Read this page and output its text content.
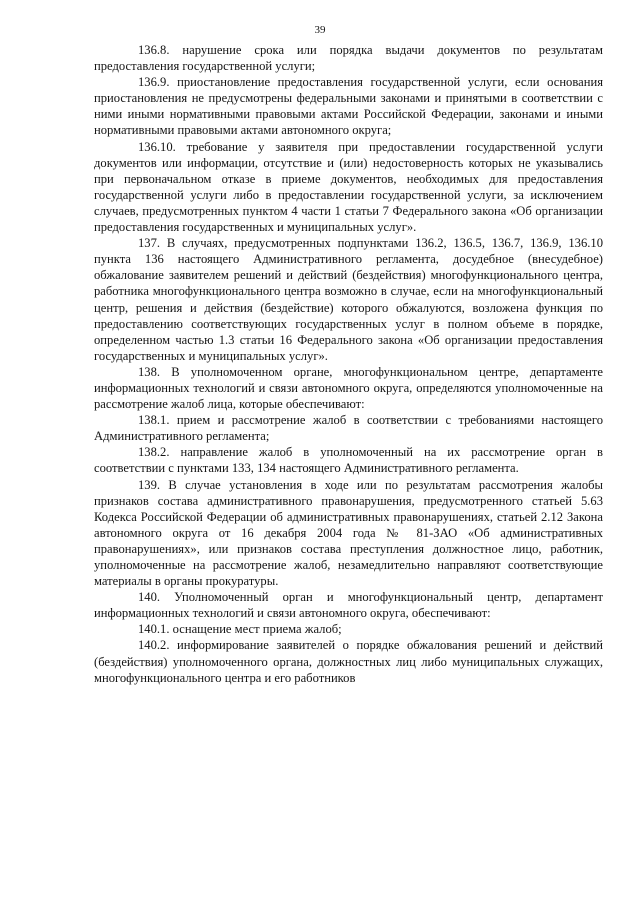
39

136.8. нарушение срока или порядка выдачи документов по результатам предоставления государственной услуги;

136.9. приостановление предоставления государственной услуги, если основания приостановления не предусмотрены федеральными законами и принятыми в соответствии с ними иными нормативными правовыми актами Российской Федерации, законами и иными нормативными правовыми актами автономного округа;

136.10. требование у заявителя при предоставлении государственной услуги документов или информации, отсутствие и (или) недостоверность которых не указывались при первоначальном отказе в приеме документов, необходимых для предоставления государственной услуги либо в предоставлении государственной услуги, за исключением случаев, предусмотренных пунктом 4 части 1 статьи 7 Федерального закона «Об организации предоставления государственных и муниципальных услуг».

137. В случаях, предусмотренных подпунктами 136.2, 136.5, 136.7, 136.9, 136.10 пункта 136 настоящего Административного регламента, досудебное (внесудебное) обжалование заявителем решений и действий (бездействия) многофункционального центра, работника многофункционального центра возможно в случае, если на многофункциональный центр, решения и действия (бездействие) которого обжалуются, возложена функция по предоставлению соответствующих государственных услуг в полном объеме в порядке, определенном частью 1.3 статьи 16 Федерального закона «Об организации предоставления государственных и муниципальных услуг».

138. В уполномоченном органе, многофункциональном центре, департаменте информационных технологий и связи автономного округа, определяются уполномоченные на рассмотрение жалоб лица, которые обеспечивают:

138.1. прием и рассмотрение жалоб в соответствии с требованиями настоящего Административного регламента;

138.2. направление жалоб в уполномоченный на их рассмотрение орган в соответствии с пунктами 133, 134 настоящего Административного регламента.

139. В случае установления в ходе или по результатам рассмотрения жалобы признаков состава административного правонарушения, предусмотренного статьей 5.63 Кодекса Российской Федерации об административных правонарушениях, статьей 2.12 Закона автономного округа от 16 декабря 2004 года № 81-ЗАО «Об административных правонарушениях», или признаков состава преступления должностное лицо, работник, уполномоченные на рассмотрение жалоб, незамедлительно направляют соответствующие материалы в органы прокуратуры.

140. Уполномоченный орган и многофункциональный центр, департамент информационных технологий и связи автономного округа, обеспечивают:

140.1. оснащение мест приема жалоб;

140.2. информирование заявителей о порядке обжалования решений и действий (бездействия) уполномоченного органа, должностных лиц либо муниципальных служащих, многофункционального центра и его работников
